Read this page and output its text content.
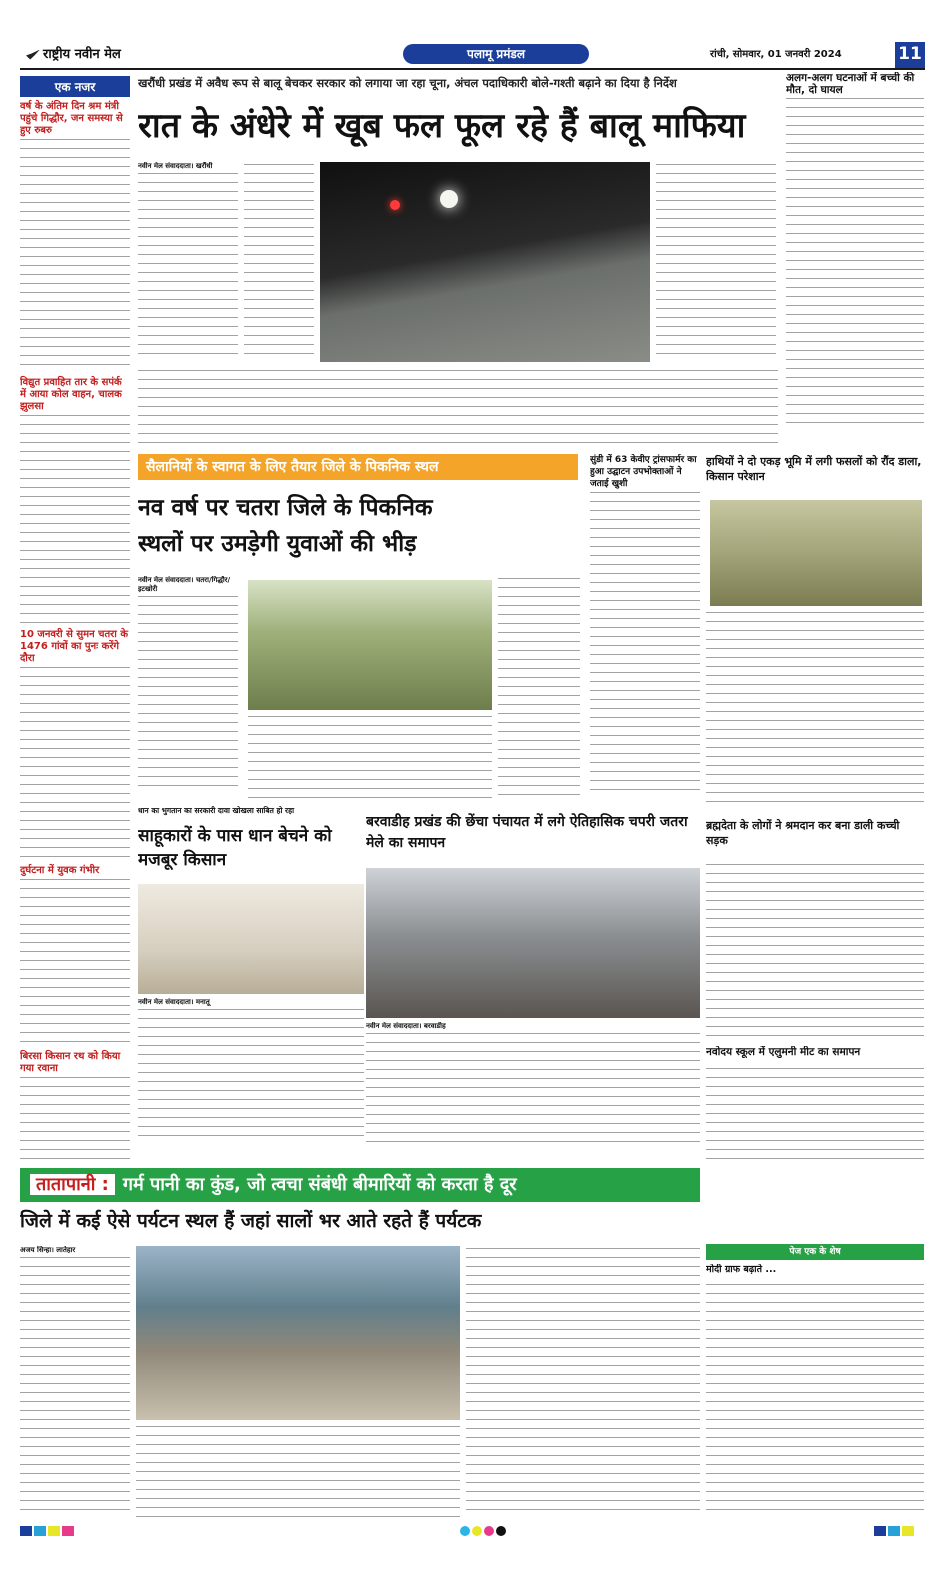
राष्ट्रीय नवीन मेल	पलामू प्रमंडल	रांची, सोमवार, 01 जनवरी 2024	11
एक नजर
वर्ष के अंतिम दिन श्रम मंत्री पहुंचे गिद्धौर, जन समस्या से हुए रुबरु
विद्युत प्रवाहित तार के सपंर्क में आया कोल वाहन, चालक झुलसा
10 जनवरी से सुमन चतरा के 1476 गांवों का पुनः करेंगे दौरा
दुर्घटना में युवक गंभीर
बिरसा किसान रथ को किया गया रवाना
खरौंधी प्रखंड में अवैध रूप से बालू बेचकर सरकार को लगाया जा रहा चूना, अंचल पदाधिकारी बोले-गश्ती बढ़ाने का दिया है निर्देश
रात के अंधेरे में खूब फल फूल रहे हैं बालू माफिया
नवीन मेल संवाददाता। खरौंधी
अलग-अलग घटनाओं में बच्ची की मौत, दो घायल
सैलानियों के स्वागत के लिए तैयार जिले के पिकनिक स्थल
नव वर्ष पर चतरा जिले के पिकनिक
स्थलों पर उमड़ेगी युवाओं की भीड़
नवीन मेल संवाददाता। चतरा/गिद्धौर/इटखोरी
सुंडी में 63 केवीए ट्रांसफार्मर का हुआ उद्घाटन उपभोक्ताओं ने जताई खुशी
हाथियों ने दो एकड़ भूमि में लगी फसलों को रौंद डाला, किसान परेशान
धान का भुगतान का सरकारी दावा खोखला साबित हो रहा
साहूकारों के पास धान बेचने को मजबूर किसान
नवीन मेल संवाददाता। मनातू
बरवाडीह प्रखंड की छेंचा पंचायत में लगे ऐतिहासिक चपरी जतरा मेले का समापन
नवीन मेल संवाददाता। बरवाडीह
ब्रह्मदेता के लोगों ने श्रमदान कर बना डाली कच्ची सड़क
नवोदय स्कूल में एलुमनी मीट का समापन
तातापानी : गर्म पानी का कुंड, जो त्वचा संबंधी बीमारियों को करता है दूर
जिले में कई ऐसे पर्यटन स्थल हैं जहां सालों भर आते रहते हैं पर्यटक
अजय सिन्हा। लातेहार	पेज एक के शेष
मोदी ग्राफ बढ़ाते ...
